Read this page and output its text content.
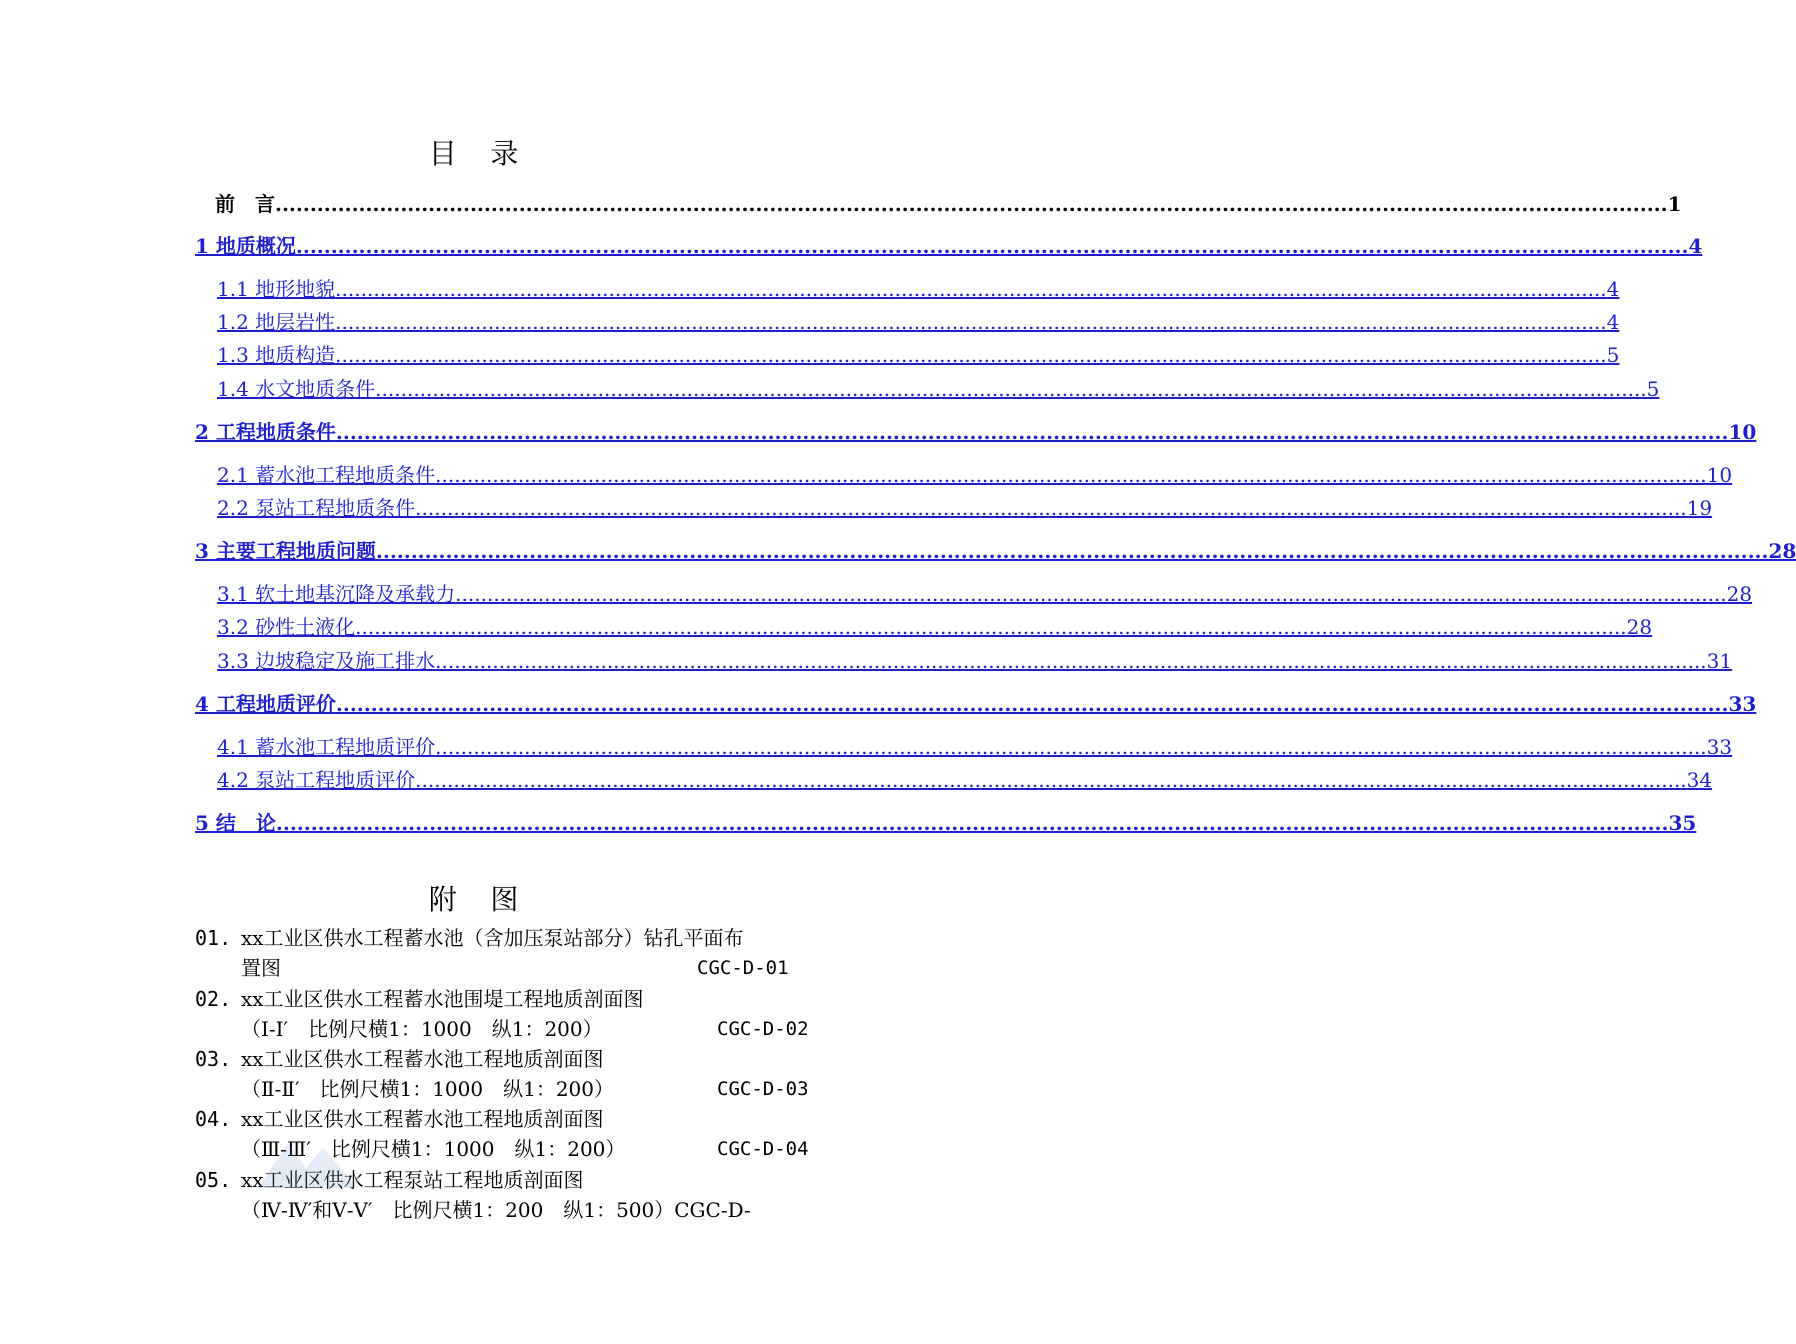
目　录
前　言 ........................................................................................................................................................................................................ 1
1 地质概况 ........................................................................................................................................................................................................ 4
1.1 地形地貌 ........................................................................................................................................................................................................ 4
1.2 地层岩性 ........................................................................................................................................................................................................ 4
1.3 地质构造 ........................................................................................................................................................................................................ 5
1.4 水文地质条件 ........................................................................................................................................................................................................ 5
2 工程地质条件 ........................................................................................................................................................................................................ 10
2.1 蓄水池工程地质条件 ........................................................................................................................................................................................................ 10
2.2 泵站工程地质条件 ........................................................................................................................................................................................................ 19
3 主要工程地质问题 ........................................................................................................................................................................................................ 28
3.1 软土地基沉降及承载力 ........................................................................................................................................................................................................ 28
3.2 砂性土液化 ........................................................................................................................................................................................................ 28
3.3 边坡稳定及施工排水 ........................................................................................................................................................................................................ 31
4 工程地质评价 ........................................................................................................................................................................................................ 33
4.1 蓄水池工程地质评价 ........................................................................................................................................................................................................ 33
4.2 泵站工程地质评价 ........................................................................................................................................................................................................ 34
5 结　论 ........................................................................................................................................................................................................ 35
附　图
01. xx工业区供水工程蓄水池（含加压泵站部分）钻孔平面布
置图	CGC-D-01
02. xx工业区供水工程蓄水池围堤工程地质剖面图
（Ⅰ-Ⅰ′　比例尺横1：1000　纵1：200）	CGC-D-02
03. xx工业区供水工程蓄水池工程地质剖面图
（Ⅱ-Ⅱ′　比例尺横1：1000　纵1：200）	CGC-D-03
04. xx工业区供水工程蓄水池工程地质剖面图
（Ⅲ-Ⅲ′　比例尺横1：1000　纵1：200）	CGC-D-04
05. xx工业区供水工程泵站工程地质剖面图
（Ⅳ-Ⅳ′和Ⅴ-Ⅴ′　比例尺横1：200　纵1：500）CGC-D-
